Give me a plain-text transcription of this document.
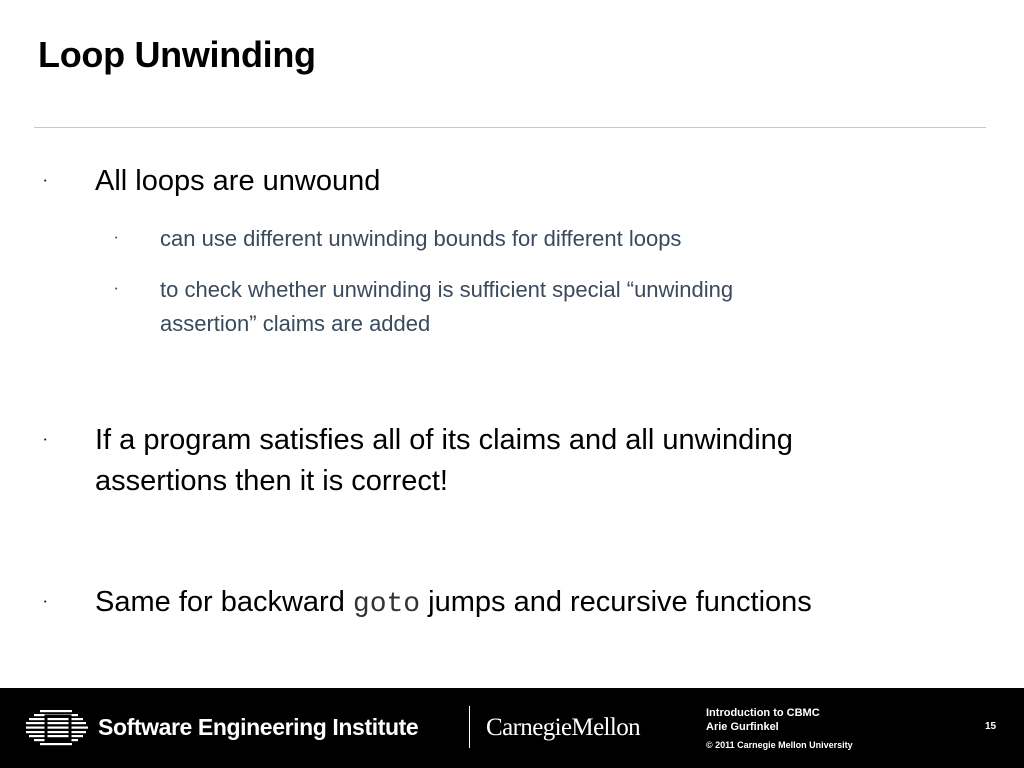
Loop Unwinding
• All loops are unwound

• can use different unwinding bounds for different loops

• to check whether unwinding is sufficient special “unwinding

assertion” claims are added

• If a program satisfies all of its claims and all unwinding

assertions then it is correct!

• Same for backward goto jumps and recursive functions

Software Engineering Institute	CarnegieMellon
Introduction to CBMC
Arie Gurfinkel
© 2011 Carnegie Mellon University
15
